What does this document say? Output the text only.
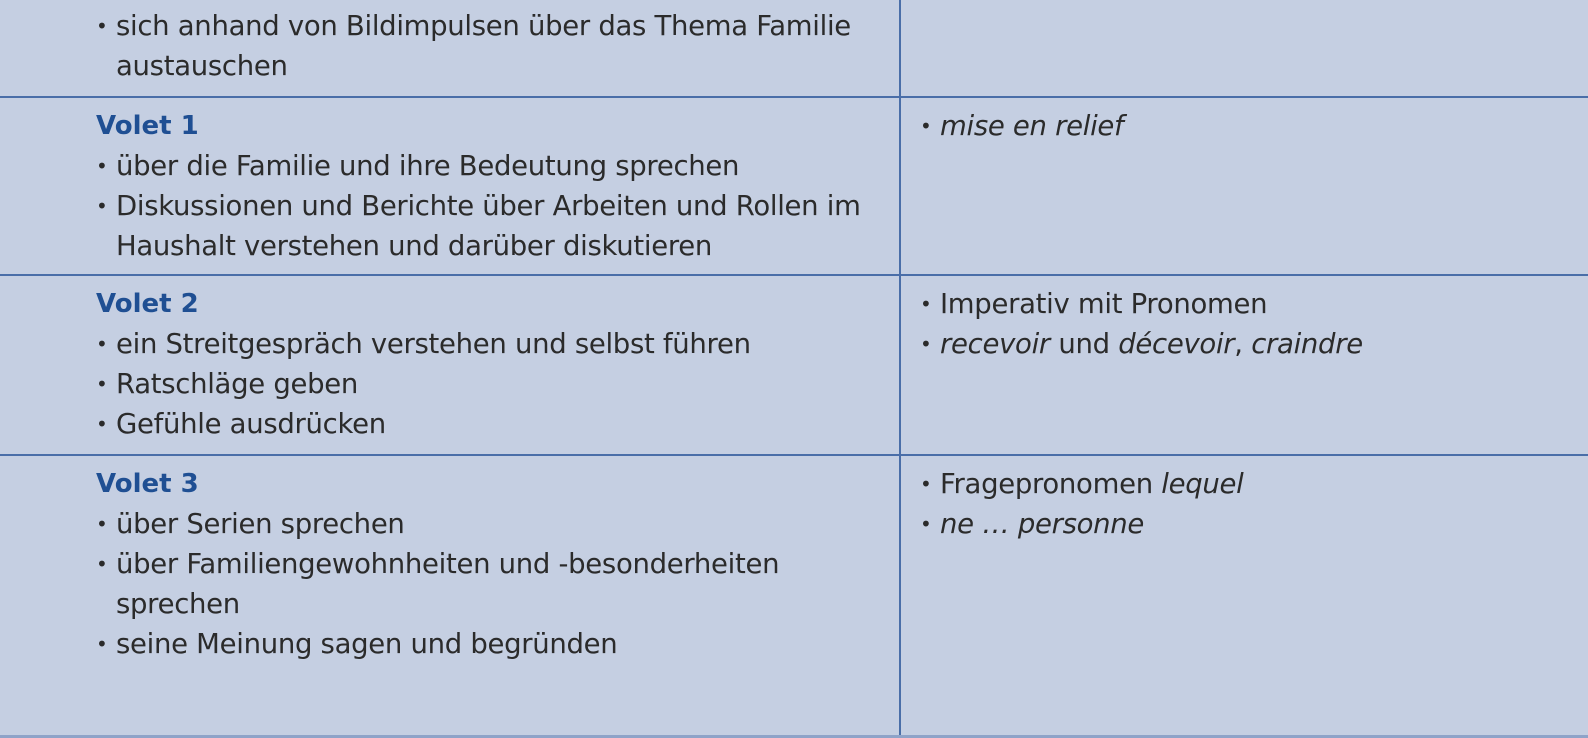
• sich anhand von Bildimpulsen über das Thema Familie austauschen
Volet 1
• über die Familie und ihre Bedeutung sprechen
• Diskussionen und Berichte über Arbeiten und Rollen im Haushalt verstehen und darüber diskutieren
• mise en relief
Volet 2
• ein Streitgespräch verstehen und selbst führen
• Ratschläge geben
• Gefühle ausdrücken
• Imperativ mit Pronomen
• recevoir und décevoir, craindre
Volet 3
• über Serien sprechen
• über Familiengewohnheiten und -besonderheiten sprechen
• seine Meinung sagen und begründen
• Fragepronomen lequel
• ne … personne
